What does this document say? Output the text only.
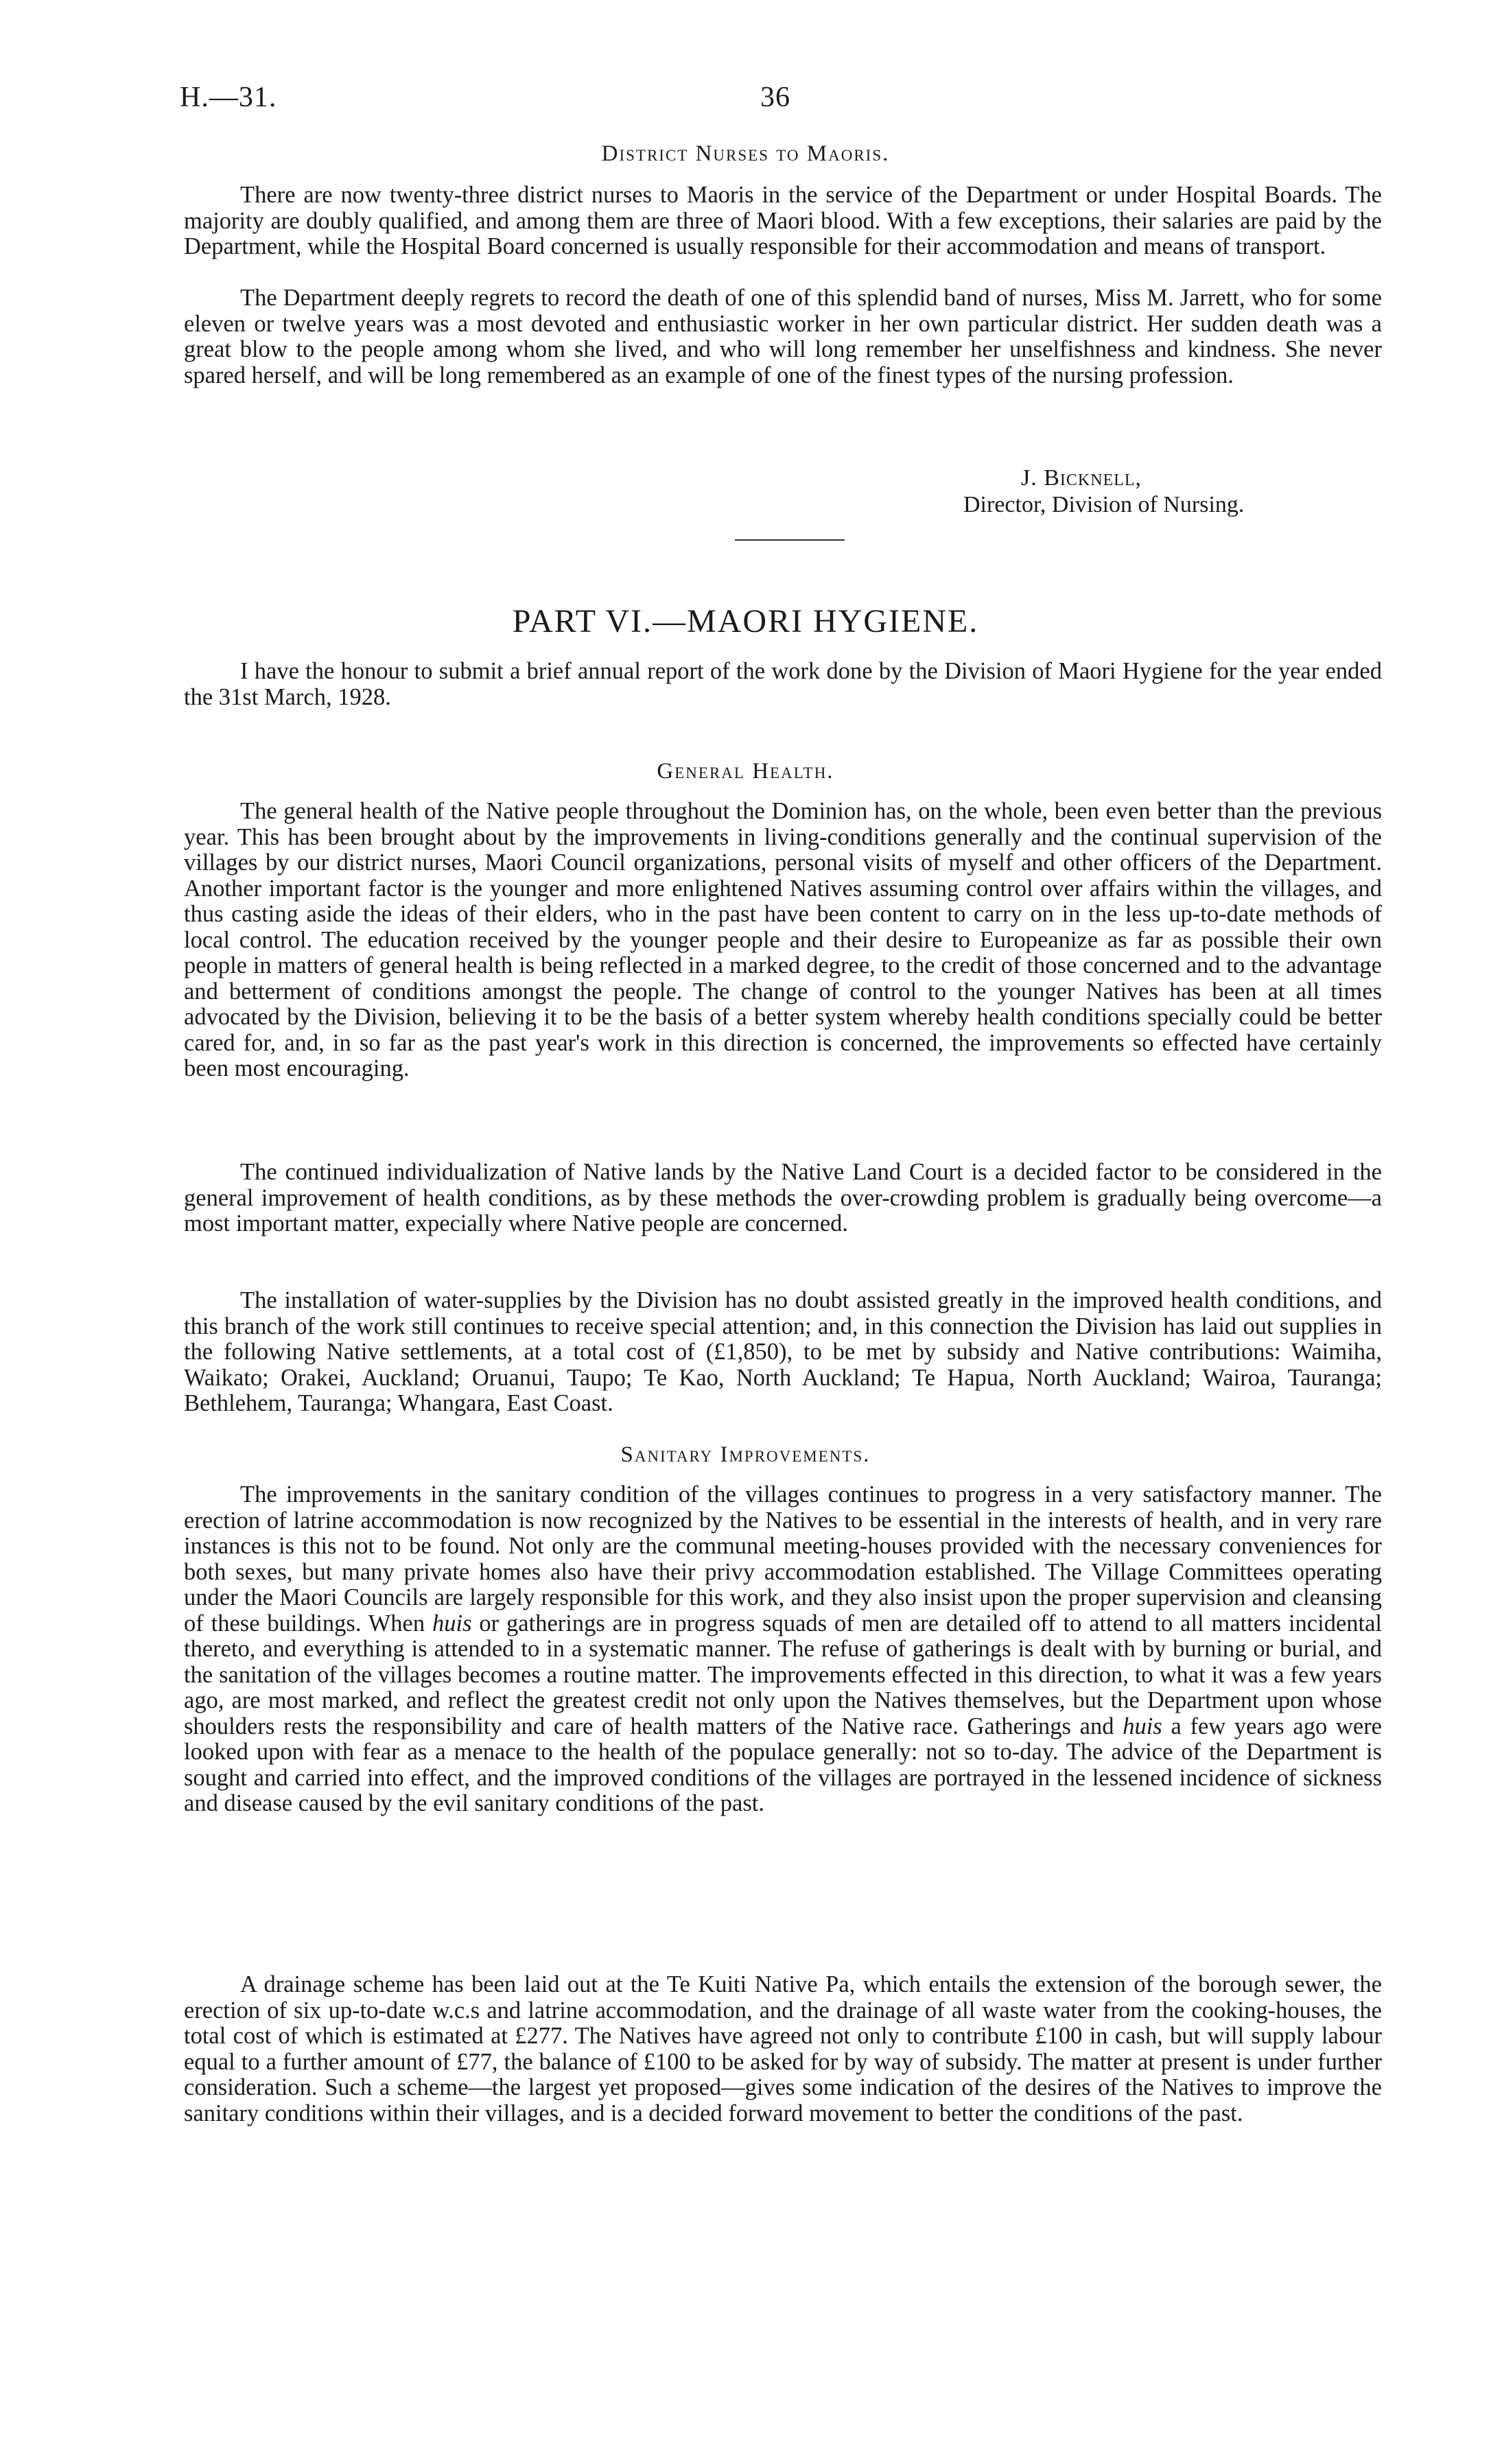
H.—31.	36
District Nurses to Maoris.

There are now twenty-three district nurses to Maoris in the service of the Department or under Hospital Boards. The majority are doubly qualified, and among them are three of Maori blood. With a few exceptions, their salaries are paid by the Department, while the Hospital Board concerned is usually responsible for their accommodation and means of transport.

The Department deeply regrets to record the death of one of this splendid band of nurses, Miss M. Jarrett, who for some eleven or twelve years was a most devoted and enthusiastic worker in her own particular district. Her sudden death was a great blow to the people among whom she lived, and who will long remember her unselfishness and kindness. She never spared herself, and will be long remembered as an example of one of the finest types of the nursing profession.

J. Bicknell,
Director, Division of Nursing.
PART VI.—MAORI HYGIENE.

I have the honour to submit a brief annual report of the work done by the Division of Maori Hygiene for the year ended the 31st March, 1928.

General Health.

The general health of the Native people throughout the Dominion has, on the whole, been even better than the previous year. This has been brought about by the improvements in living-conditions generally and the continual supervision of the villages by our district nurses, Maori Council organizations, personal visits of myself and other officers of the Department. Another important factor is the younger and more enlightened Natives assuming control over affairs within the villages, and thus casting aside the ideas of their elders, who in the past have been content to carry on in the less up-to-date methods of local control. The education received by the younger people and their desire to Europeanize as far as possible their own people in matters of general health is being reflected in a marked degree, to the credit of those concerned and to the advantage and betterment of conditions amongst the people. The change of control to the younger Natives has been at all times advocated by the Division, believing it to be the basis of a better system whereby health conditions specially could be better cared for, and, in so far as the past year's work in this direction is concerned, the improvements so effected have certainly been most encouraging.

The continued individualization of Native lands by the Native Land Court is a decided factor to be considered in the general improvement of health conditions, as by these methods the over-crowding problem is gradually being overcome—a most important matter, expecially where Native people are concerned.

The installation of water-supplies by the Division has no doubt assisted greatly in the improved health conditions, and this branch of the work still continues to receive special attention; and, in this connection the Division has laid out supplies in the following Native settlements, at a total cost of (£1,850), to be met by subsidy and Native contributions: Waimiha, Waikato; Orakei, Auckland; Oruanui, Taupo; Te Kao, North Auckland; Te Hapua, North Auckland; Wairoa, Tauranga; Bethlehem, Tauranga; Whangara, East Coast.

Sanitary Improvements.

The improvements in the sanitary condition of the villages continues to progress in a very satisfactory manner. The erection of latrine accommodation is now recognized by the Natives to be essential in the interests of health, and in very rare instances is this not to be found. Not only are the communal meeting-houses provided with the necessary conveniences for both sexes, but many private homes also have their privy accommodation established. The Village Committees operating under the Maori Councils are largely responsible for this work, and they also insist upon the proper supervision and cleansing of these buildings. When huis or gatherings are in progress squads of men are detailed off to attend to all matters incidental thereto, and everything is attended to in a systematic manner. The refuse of gatherings is dealt with by burning or burial, and the sanitation of the villages becomes a routine matter. The improvements effected in this direction, to what it was a few years ago, are most marked, and reflect the greatest credit not only upon the Natives themselves, but the Department upon whose shoulders rests the responsibility and care of health matters of the Native race. Gatherings and huis a few years ago were looked upon with fear as a menace to the health of the populace generally: not so to-day. The advice of the Department is sought and carried into effect, and the improved conditions of the villages are portrayed in the lessened incidence of sickness and disease caused by the evil sanitary conditions of the past.

A drainage scheme has been laid out at the Te Kuiti Native Pa, which entails the extension of the borough sewer, the erection of six up-to-date w.c.s and latrine accommodation, and the drainage of all waste water from the cooking-houses, the total cost of which is estimated at £277. The Natives have agreed not only to contribute £100 in cash, but will supply labour equal to a further amount of £77, the balance of £100 to be asked for by way of subsidy. The matter at present is under further consideration. Such a scheme—the largest yet proposed—gives some indication of the desires of the Natives to improve the sanitary conditions within their villages, and is a decided forward movement to better the conditions of the past.
